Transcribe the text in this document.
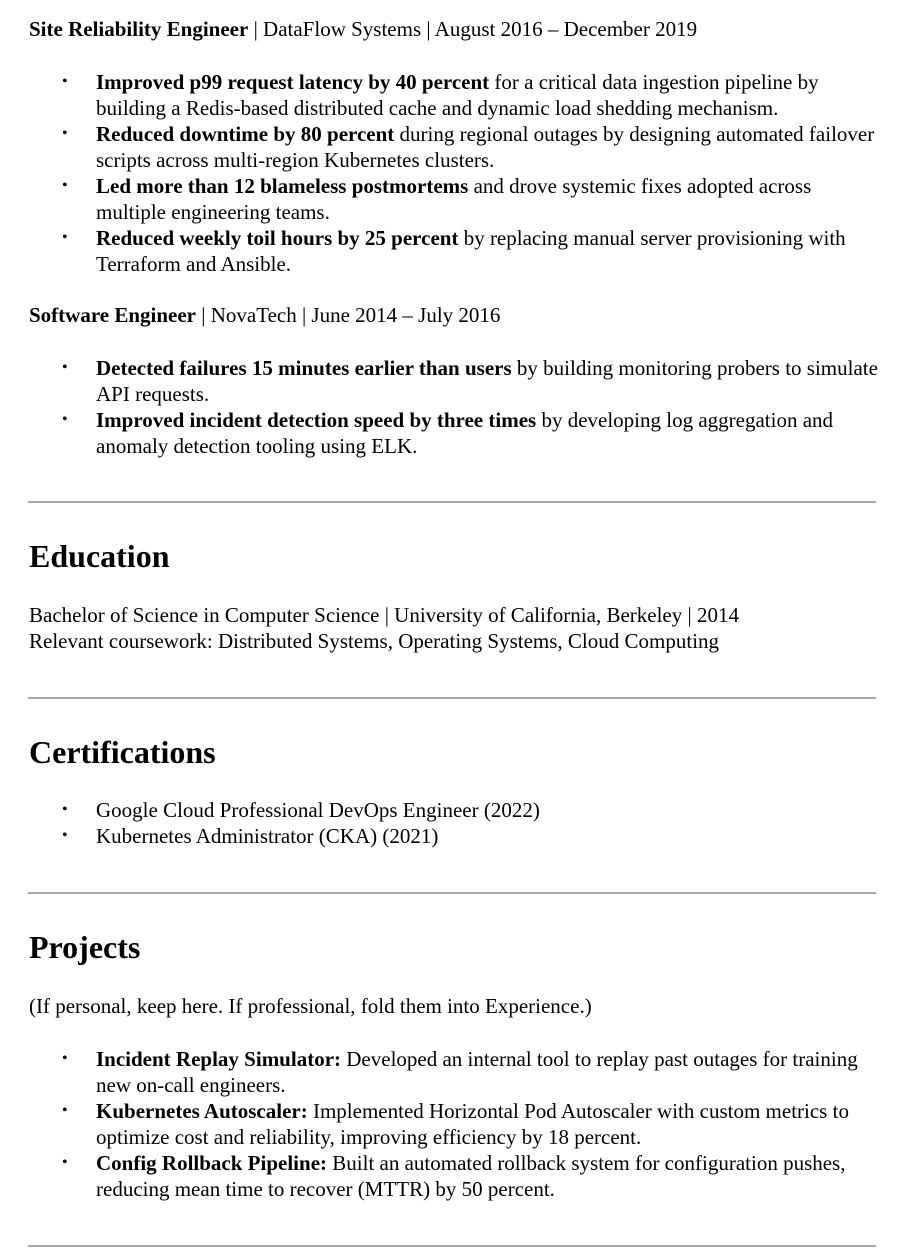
Site Reliability Engineer | DataFlow Systems | August 2016 – December 2019

• Improved p99 request latency by 40 percent for a critical data ingestion pipeline by building a Redis-based distributed cache and dynamic load shedding mechanism.
• Reduced downtime by 80 percent during regional outages by designing automated failover scripts across multi-region Kubernetes clusters.
• Led more than 12 blameless postmortems and drove systemic fixes adopted across multiple engineering teams.
• Reduced weekly toil hours by 25 percent by replacing manual server provisioning with Terraform and Ansible.

Software Engineer | NovaTech | June 2014 – July 2016

• Detected failures 15 minutes earlier than users by building monitoring probers to simulate API requests.
• Improved incident detection speed by three times by developing log aggregation and anomaly detection tooling using ELK.
Education

Bachelor of Science in Computer Science | University of California, Berkeley | 2014

Relevant coursework: Distributed Systems, Operating Systems, Cloud Computing

Certifications
• Google Cloud Professional DevOps Engineer (2022)
• Kubernetes Administrator (CKA) (2021)
Projects

(If personal, keep here. If professional, fold them into Experience.)

• Incident Replay Simulator: Developed an internal tool to replay past outages for training new on-call engineers.
• Kubernetes Autoscaler: Implemented Horizontal Pod Autoscaler with custom metrics to optimize cost and reliability, improving efficiency by 18 percent.
• Config Rollback Pipeline: Built an automated rollback system for configuration pushes, reducing mean time to recover (MTTR) by 50 percent.
